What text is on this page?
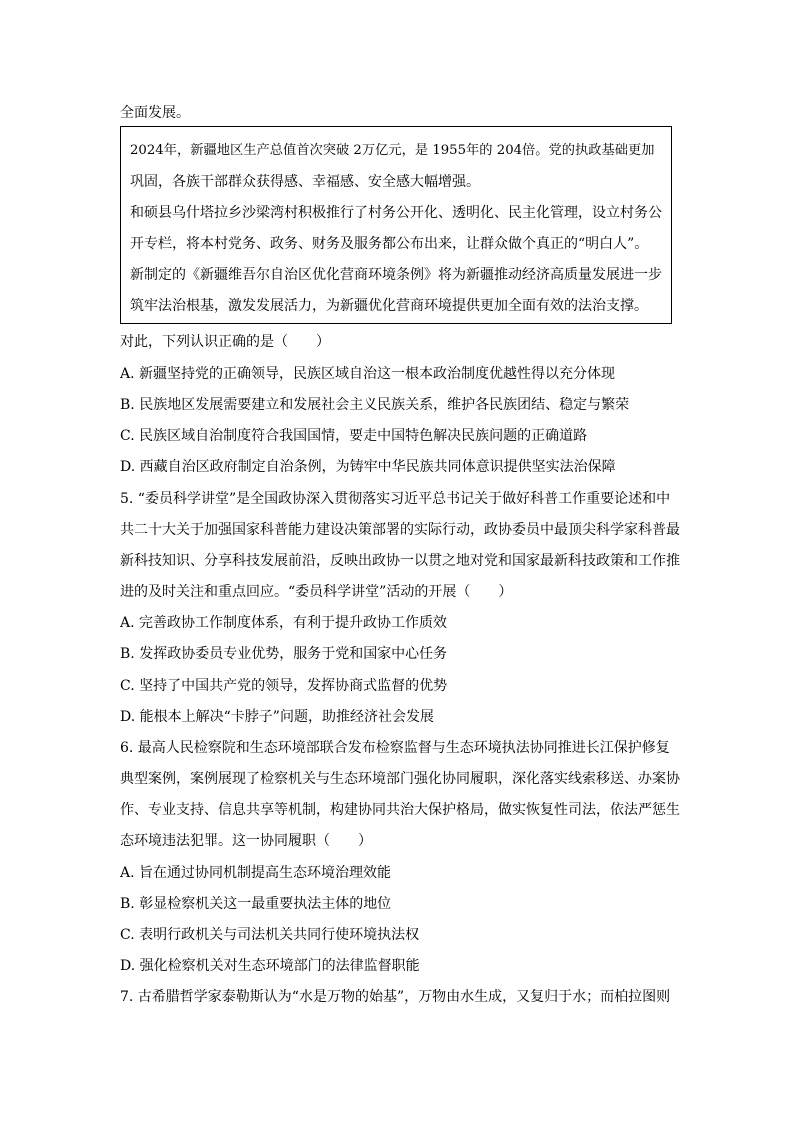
全面发展。
2024年，新疆地区生产总值首次突破 2万亿元，是 1955年的 204倍。党的执政基础更加
巩固，各族干部群众获得感、幸福感、安全感大幅增强。
和硕县乌什塔拉乡沙梁湾村积极推行了村务公开化、透明化、民主化管理，设立村务公
开专栏，将本村党务、政务、财务及服务都公布出来，让群众做个真正的“明白人”。
新制定的《新疆维吾尔自治区优化营商环境条例》将为新疆推动经济高质量发展进一步
筑牢法治根基，激发发展活力，为新疆优化营商环境提供更加全面有效的法治支撑。
对此，下列认识正确的是（　　）
A. 新疆坚持党的正确领导，民族区域自治这一根本政治制度优越性得以充分体现
B. 民族地区发展需要建立和发展社会主义民族关系，维护各民族团结、稳定与繁荣
C. 民族区域自治制度符合我国国情，要走中国特色解决民族问题的正确道路
D. 西藏自治区政府制定自治条例，为铸牢中华民族共同体意识提供坚实法治保障
5. “委员科学讲堂”是全国政协深入贯彻落实习近平总书记关于做好科普工作重要论述和中
共二十大关于加强国家科普能力建设决策部署的实际行动，政协委员中最顶尖科学家科普最
新科技知识、分享科技发展前沿，反映出政协一以贯之地对党和国家最新科技政策和工作推
进的及时关注和重点回应。“委员科学讲堂”活动的开展（　　）
A. 完善政协工作制度体系，有利于提升政协工作质效
B. 发挥政协委员专业优势，服务于党和国家中心任务
C. 坚持了中国共产党的领导，发挥协商式监督的优势
D. 能根本上解决“卡脖子”问题，助推经济社会发展
6. 最高人民检察院和生态环境部联合发布检察监督与生态环境执法协同推进长江保护修复
典型案例，案例展现了检察机关与生态环境部门强化协同履职，深化落实线索移送、办案协
作、专业支持、信息共享等机制，构建协同共治大保护格局，做实恢复性司法，依法严惩生
态环境违法犯罪。这一协同履职（　　）
A. 旨在通过协同机制提高生态环境治理效能
B. 彰显检察机关这一最重要执法主体的地位
C. 表明行政机关与司法机关共同行使环境执法权
D. 强化检察机关对生态环境部门的法律监督职能
7. 古希腊哲学家泰勒斯认为“水是万物的始基”，万物由水生成，又复归于水；而柏拉图则
